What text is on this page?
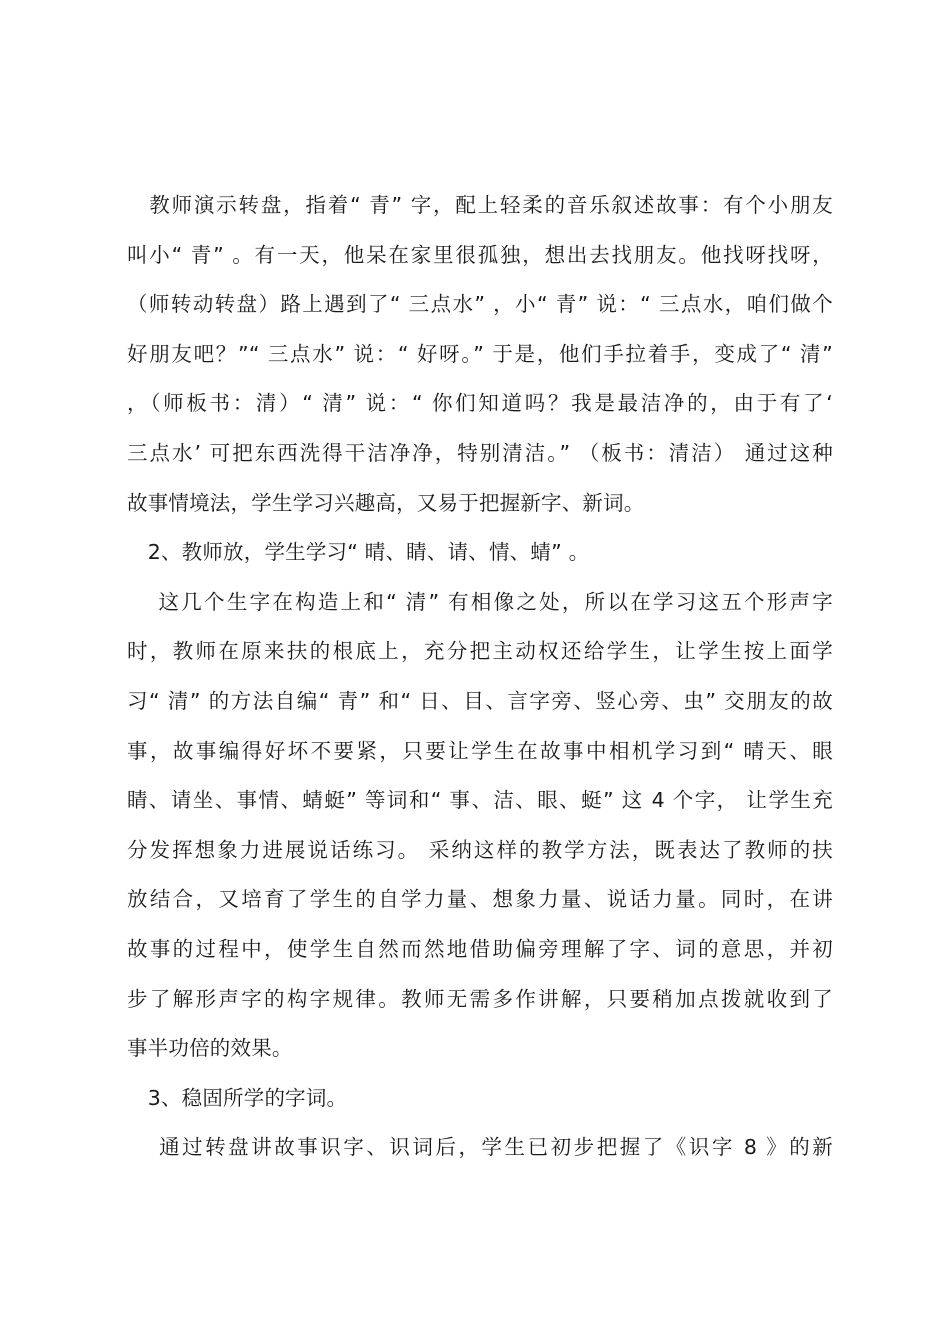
　教师演示转盘，指着“ 青” 字，配上轻柔的音乐叙述故事：有个小朋友
叫小“ 青” 。有一天，他呆在家里很孤独，想出去找朋友。他找呀找呀，
（师转动转盘）路上遇到了“ 三点水” ，小“ 青” 说：“ 三点水，咱们做个
好朋友吧？”“ 三点水” 说：“ 好呀。” 于是，他们手拉着手，变成了“ 清”
，（师板书：清）“ 清” 说：“ 你们知道吗？我是最洁净的，由于有了‘
三点水’ 可把东西洗得干洁净净，特别清洁。” （板书：清洁） 通过这种
故事情境法，学生学习兴趣高，又易于把握新字、新词。
　2、教师放，学生学习“ 晴、睛、请、情、蜻” 。
　 这几个生字在构造上和“ 清” 有相像之处，所以在学习这五个形声字
时，教师在原来扶的根底上，充分把主动权还给学生，让学生按上面学
习“ 清” 的方法自编“ 青” 和“ 日、目、言字旁、竖心旁、虫” 交朋友的故
事，故事编得好坏不要紧，只要让学生在故事中相机学习到“ 晴天、眼
睛、请坐、事情、蜻蜓” 等词和“ 事、洁、眼、蜓” 这 4 个字， 让学生充
分发挥想象力进展说话练习。 采纳这样的教学方法，既表达了教师的扶
放结合，又培育了学生的自学力量、想象力量、说话力量。同时，在讲
故事的过程中，使学生自然而然地借助偏旁理解了字、词的意思，并初
步了解形声字的构字规律。教师无需多作讲解，只要稍加点拨就收到了
事半功倍的效果。
　3、稳固所学的字词。
　 通过转盘讲故事识字、识词后，学生已初步把握了《识字 8 》的新
